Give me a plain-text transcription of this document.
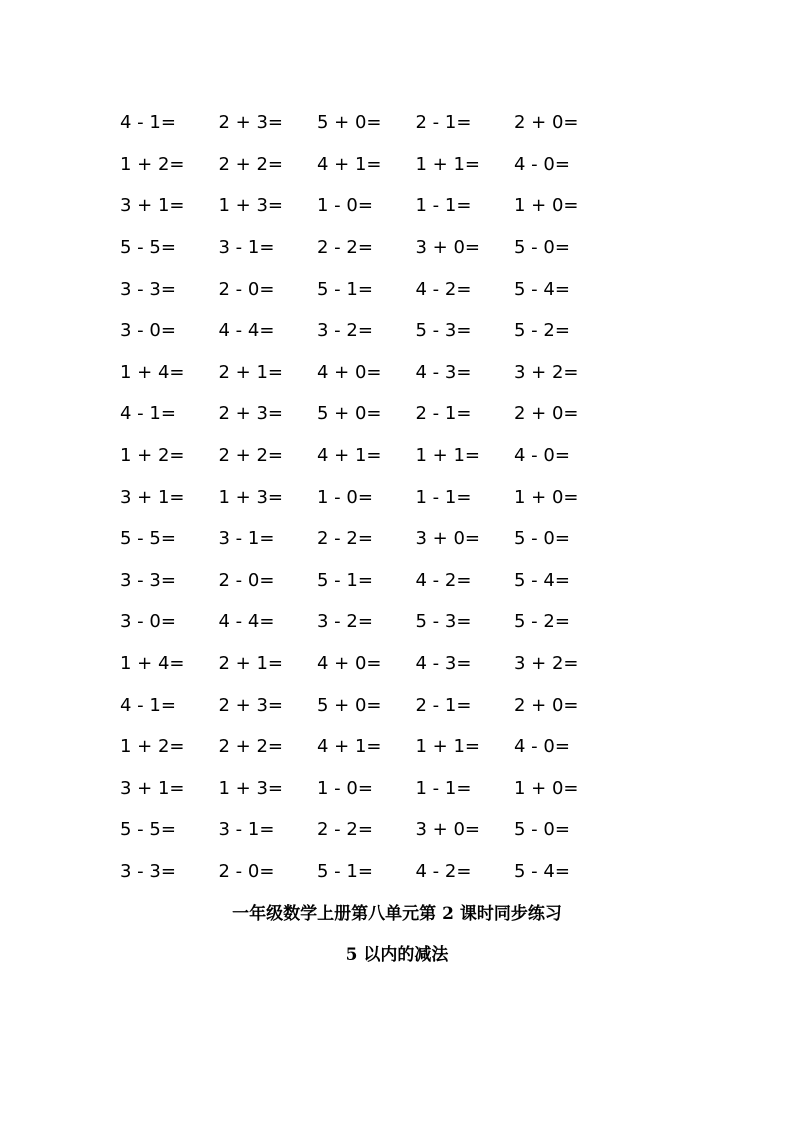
4 - 1=	2 + 3=	5 + 0=	2 - 1=	2 + 0=
1 + 2=	2 + 2=	4 + 1=	1 + 1=	4 - 0=
3 + 1=	1 + 3=	1 - 0=	1 - 1=	1 + 0=
5 - 5=	3 - 1=	2 - 2=	3 + 0=	5 - 0=
3 - 3=	2 - 0=	5 - 1=	4 - 2=	5 - 4=
3 - 0=	4 - 4=	3 - 2=	5 - 3=	5 - 2=
1 + 4=	2 + 1=	4 + 0=	4 - 3=	3 + 2=
4 - 1=	2 + 3=	5 + 0=	2 - 1=	2 + 0=
1 + 2=	2 + 2=	4 + 1=	1 + 1=	4 - 0=
3 + 1=	1 + 3=	1 - 0=	1 - 1=	1 + 0=
5 - 5=	3 - 1=	2 - 2=	3 + 0=	5 - 0=
3 - 3=	2 - 0=	5 - 1=	4 - 2=	5 - 4=
3 - 0=	4 - 4=	3 - 2=	5 - 3=	5 - 2=
1 + 4=	2 + 1=	4 + 0=	4 - 3=	3 + 2=
4 - 1=	2 + 3=	5 + 0=	2 - 1=	2 + 0=
1 + 2=	2 + 2=	4 + 1=	1 + 1=	4 - 0=
3 + 1=	1 + 3=	1 - 0=	1 - 1=	1 + 0=
5 - 5=	3 - 1=	2 - 2=	3 + 0=	5 - 0=
3 - 3=	2 - 0=	5 - 1=	4 - 2=	5 - 4=
一年级数学上册第八单元第 2 课时同步练习
5 以内的减法
